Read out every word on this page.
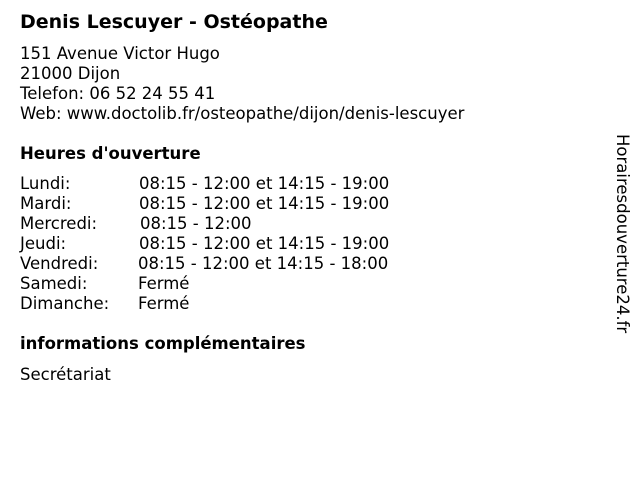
Denis Lescuyer - Ostéopathe
151 Avenue Victor Hugo
21000 Dijon
Telefon: 06 52 24 55 41
Web: www.doctolib.fr/osteopathe/dijon/denis-lescuyer
Heures d'ouverture
Lundi:	08:15 - 12:00 et 14:15 - 19:00
Mardi:	08:15 - 12:00 et 14:15 - 19:00
Mercredi:	08:15 - 12:00
Jeudi:	08:15 - 12:00 et 14:15 - 19:00
Vendredi: 08:15 - 12:00 et 14:15 - 18:00
Samedi:	Fermé
Dimanche: Fermé
informations complémentaires
Secrétariat
Horairesdouverture24.fr
